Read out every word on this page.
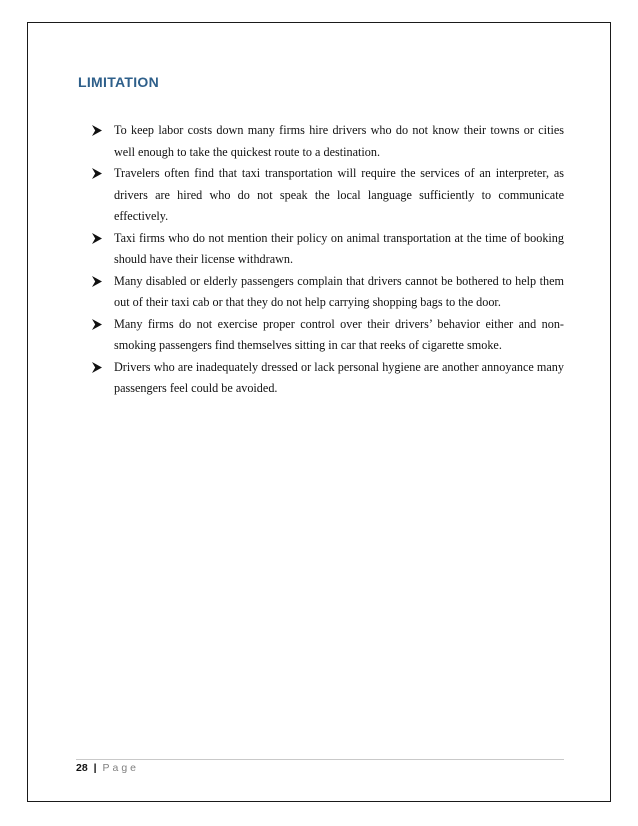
LIMITATION
To keep labor costs down many firms hire drivers who do not know their towns or cities well enough to take the quickest route to a destination.
Travelers often find that taxi transportation will require the services of an interpreter, as drivers are hired who do not speak the local language sufficiently to communicate effectively.
Taxi firms who do not mention their policy on animal transportation at the time of booking should have their license withdrawn.
Many disabled or elderly passengers complain that drivers cannot be bothered to help them out of their taxi cab or that they do not help carrying shopping bags to the door.
Many firms do not exercise proper control over their drivers’ behavior either and non-smoking passengers find themselves sitting in car that reeks of cigarette smoke.
Drivers who are inadequately dressed or lack personal hygiene are another annoyance many passengers feel could be avoided.
28 | Page
